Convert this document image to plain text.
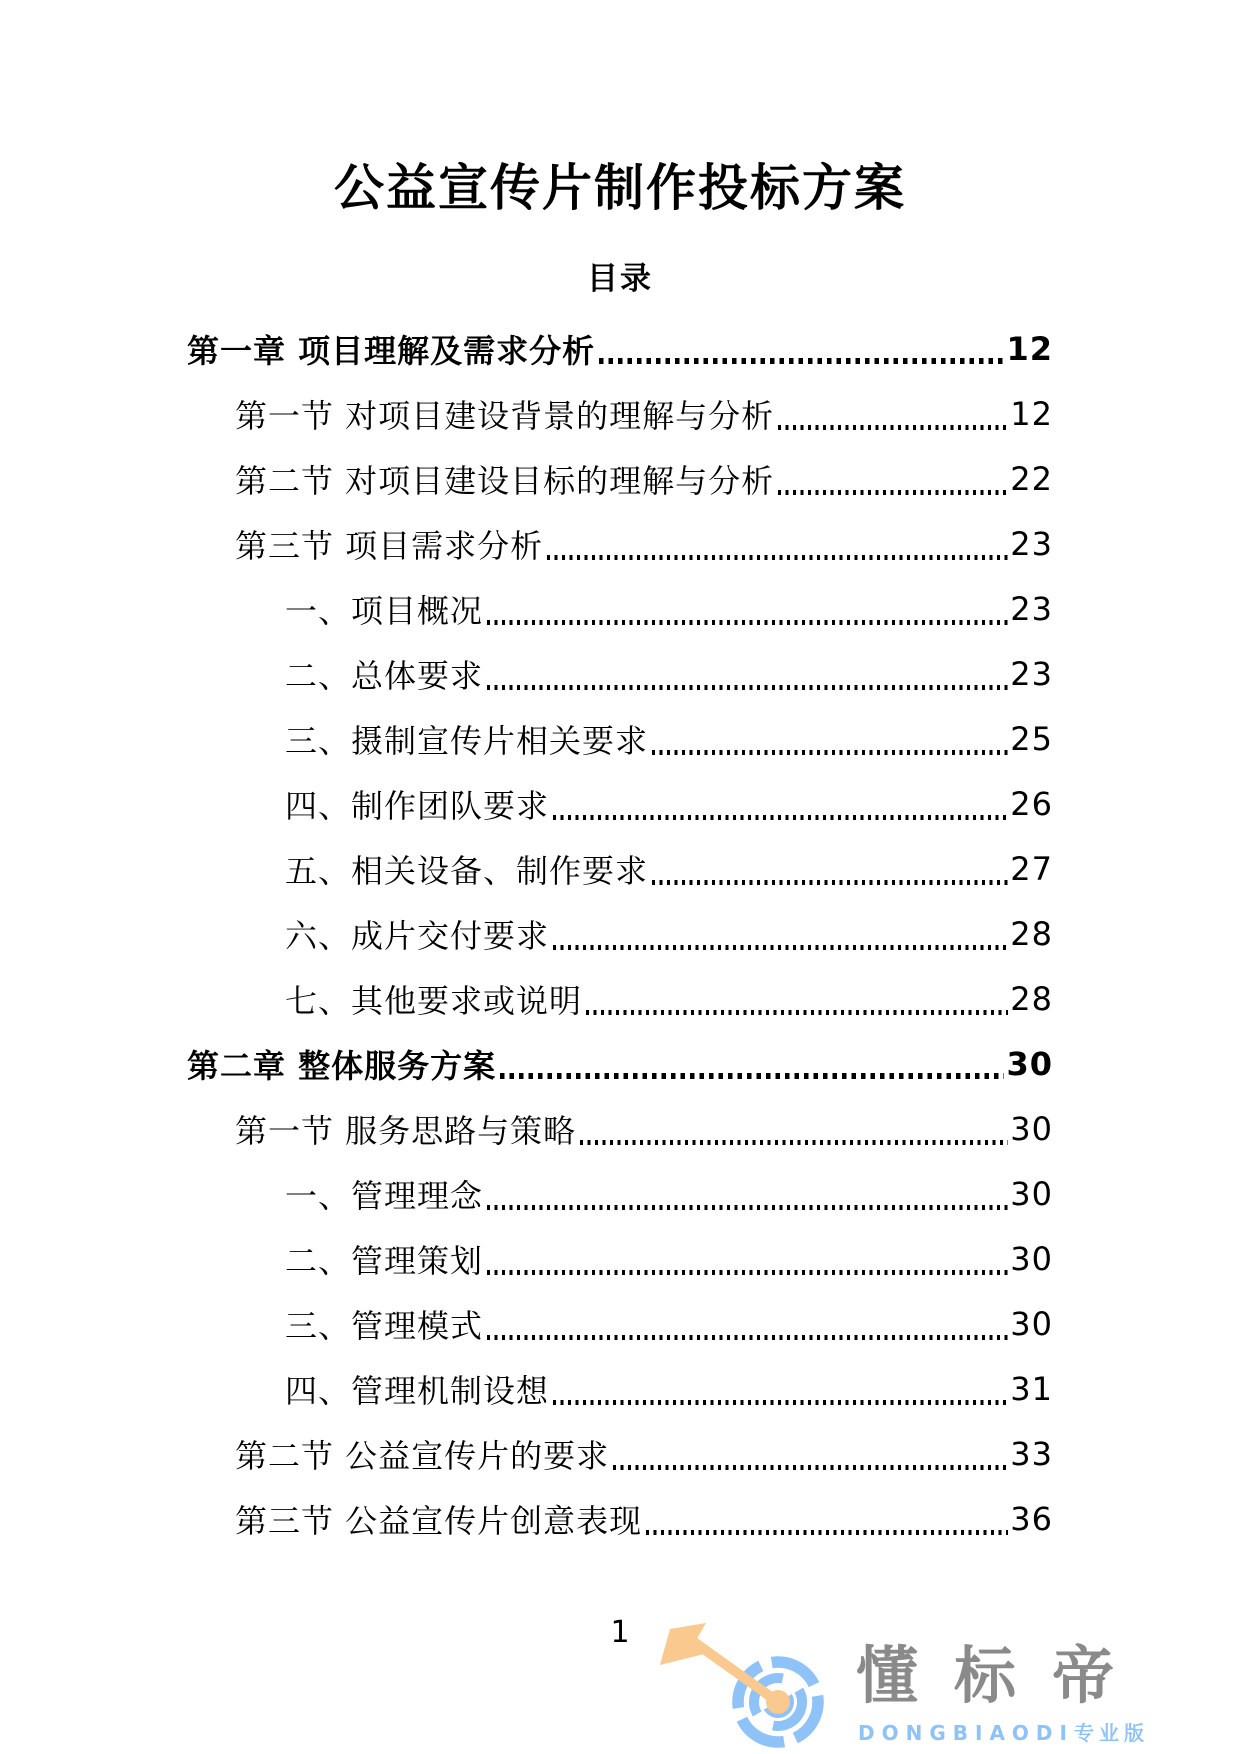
公益宣传片制作投标方案
目录
第一章 项目理解及需求分析	12
第一节 对项目建设背景的理解与分析	12
第二节 对项目建设目标的理解与分析	22
第三节 项目需求分析	23
一、项目概况	23
二、总体要求	23
三、摄制宣传片相关要求	25
四、制作团队要求	26
五、相关设备、制作要求	27
六、成片交付要求	28
七、其他要求或说明	28
第二章 整体服务方案	30
第一节 服务思路与策略	30
一、管理理念	30
二、管理策划	30
三、管理模式	30
四、管理机制设想	31
第二节 公益宣传片的要求	33
第三节 公益宣传片创意表现	36
1
懂标帝
DONGBIAODI专业版
